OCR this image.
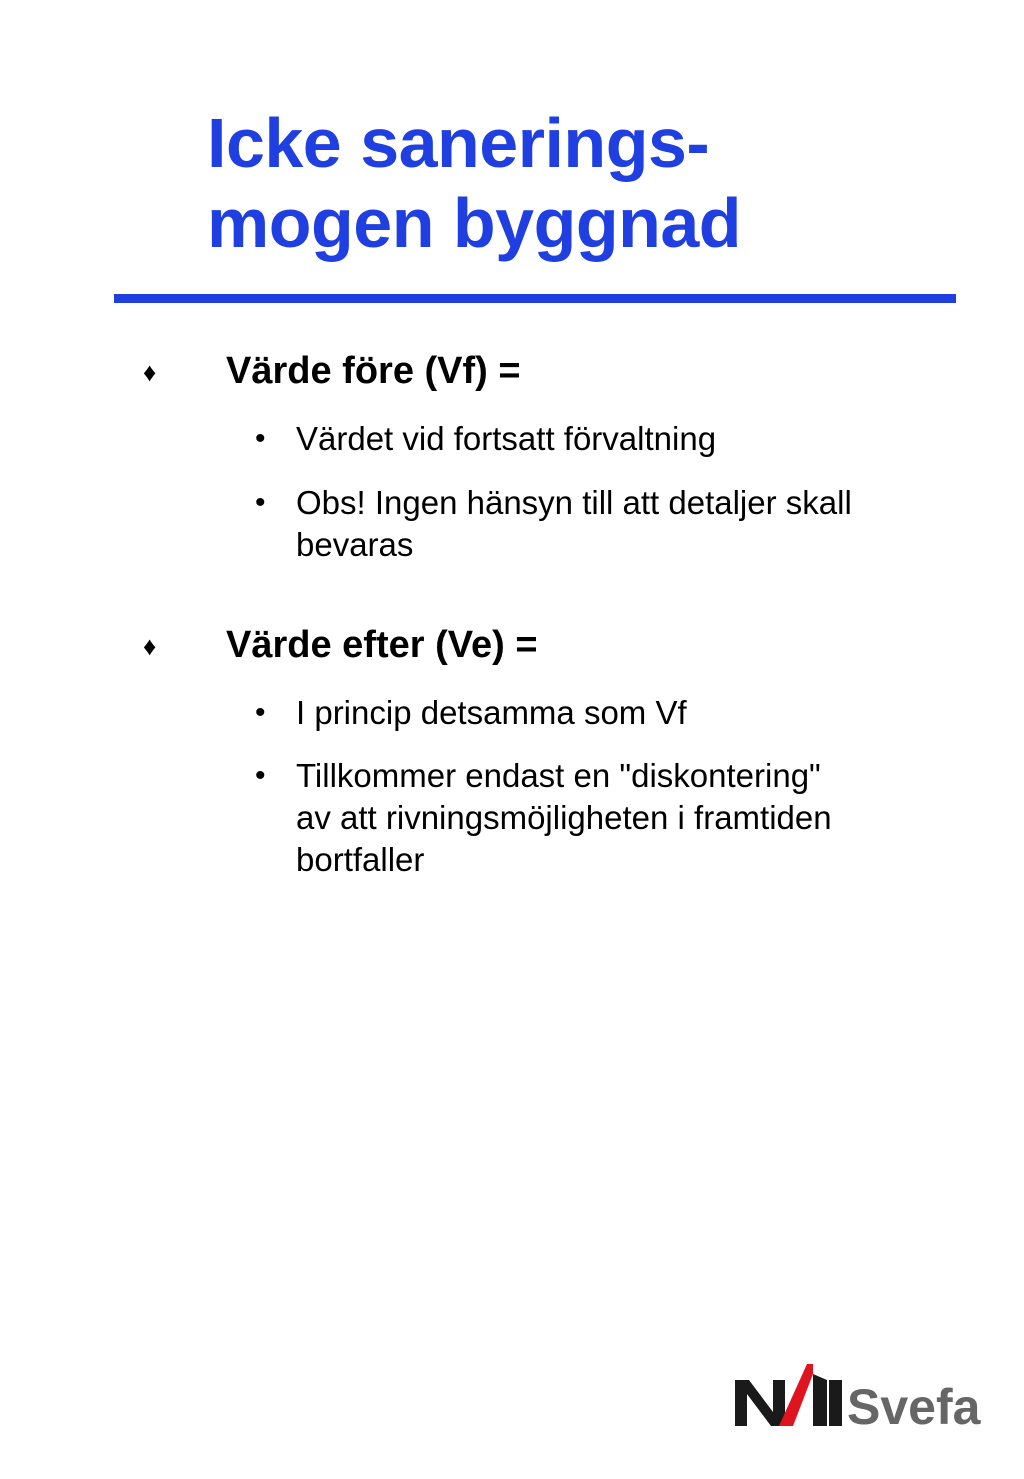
Icke sanerings-
mogen byggnad
♦ Värde före (Vf) =
• Värdet vid fortsatt förvaltning
• Obs! Ingen hänsyn till att detaljer skall
bevaras
♦ Värde efter (Ve) =
• I princip detsamma som Vf
• Tillkommer endast en "diskontering"
av att rivningsmöjligheten i framtiden
bortfaller
Svefa
